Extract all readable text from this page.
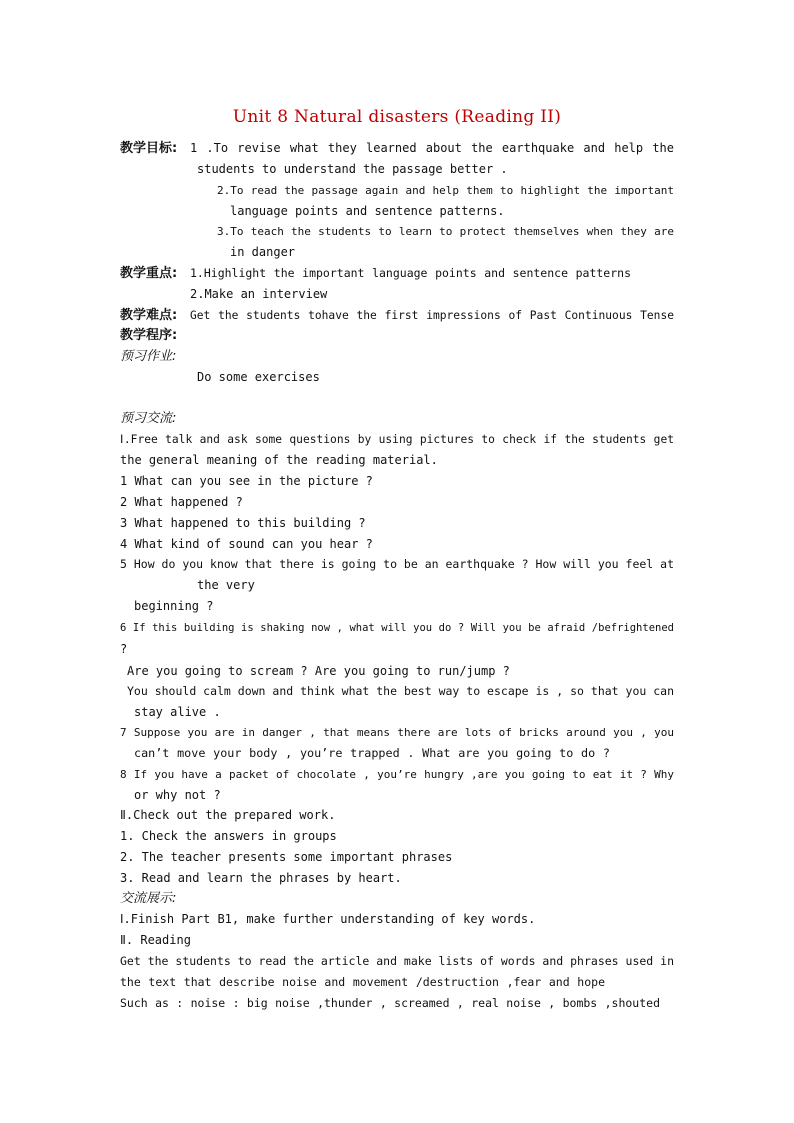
Unit 8 Natural disasters (Reading II)
教学目标: 1 .To revise what they learned about the earthquake and help the
students to understand the passage better .
2.To read the passage again and help them to highlight the important
language points and sentence patterns.
3.To teach the students to learn to protect themselves when they are
in danger
教学重点: 1.Highlight the important language points and sentence patterns
2.Make an interview
教学难点: Get the students tohave the first impressions of Past Continuous Tense
教学程序:
预习作业:
Do some exercises
预习交流:
Ⅰ.Free talk and ask some questions by using pictures to check if the students get
the general meaning of the reading material.
1 What can you see in the picture ?
2 What happened ?
3 What happened to this building ?
4 What kind of sound can you hear ?
5 How do you know that there is going to be an earthquake ? How will you feel at
the very
beginning ?
6 If this building is shaking now , what will you do ? Will you be afraid /befrightened
?
Are you going to scream ? Are you going to run/jump ?
You should calm down and think what the best way to escape is , so that you can
stay alive .
7 Suppose you are in danger , that means there are lots of bricks around you , you
can’t move your body , you’re trapped . What are you going to do ?
8 If you have a packet of chocolate , you’re hungry ,are you going to eat it ? Why
or why not ?
Ⅱ.Check out the prepared work.
1. Check the answers in groups
2. The teacher presents some important phrases
3. Read and learn the phrases by heart.
交流展示:
Ⅰ.Finish Part B1, make further understanding of key words.
Ⅱ. Reading
Get the students to read the article and make lists of words and phrases used in
the text that describe noise and movement /destruction ,fear and hope
Such as : noise : big noise ,thunder , screamed , real noise , bombs ,shouted
